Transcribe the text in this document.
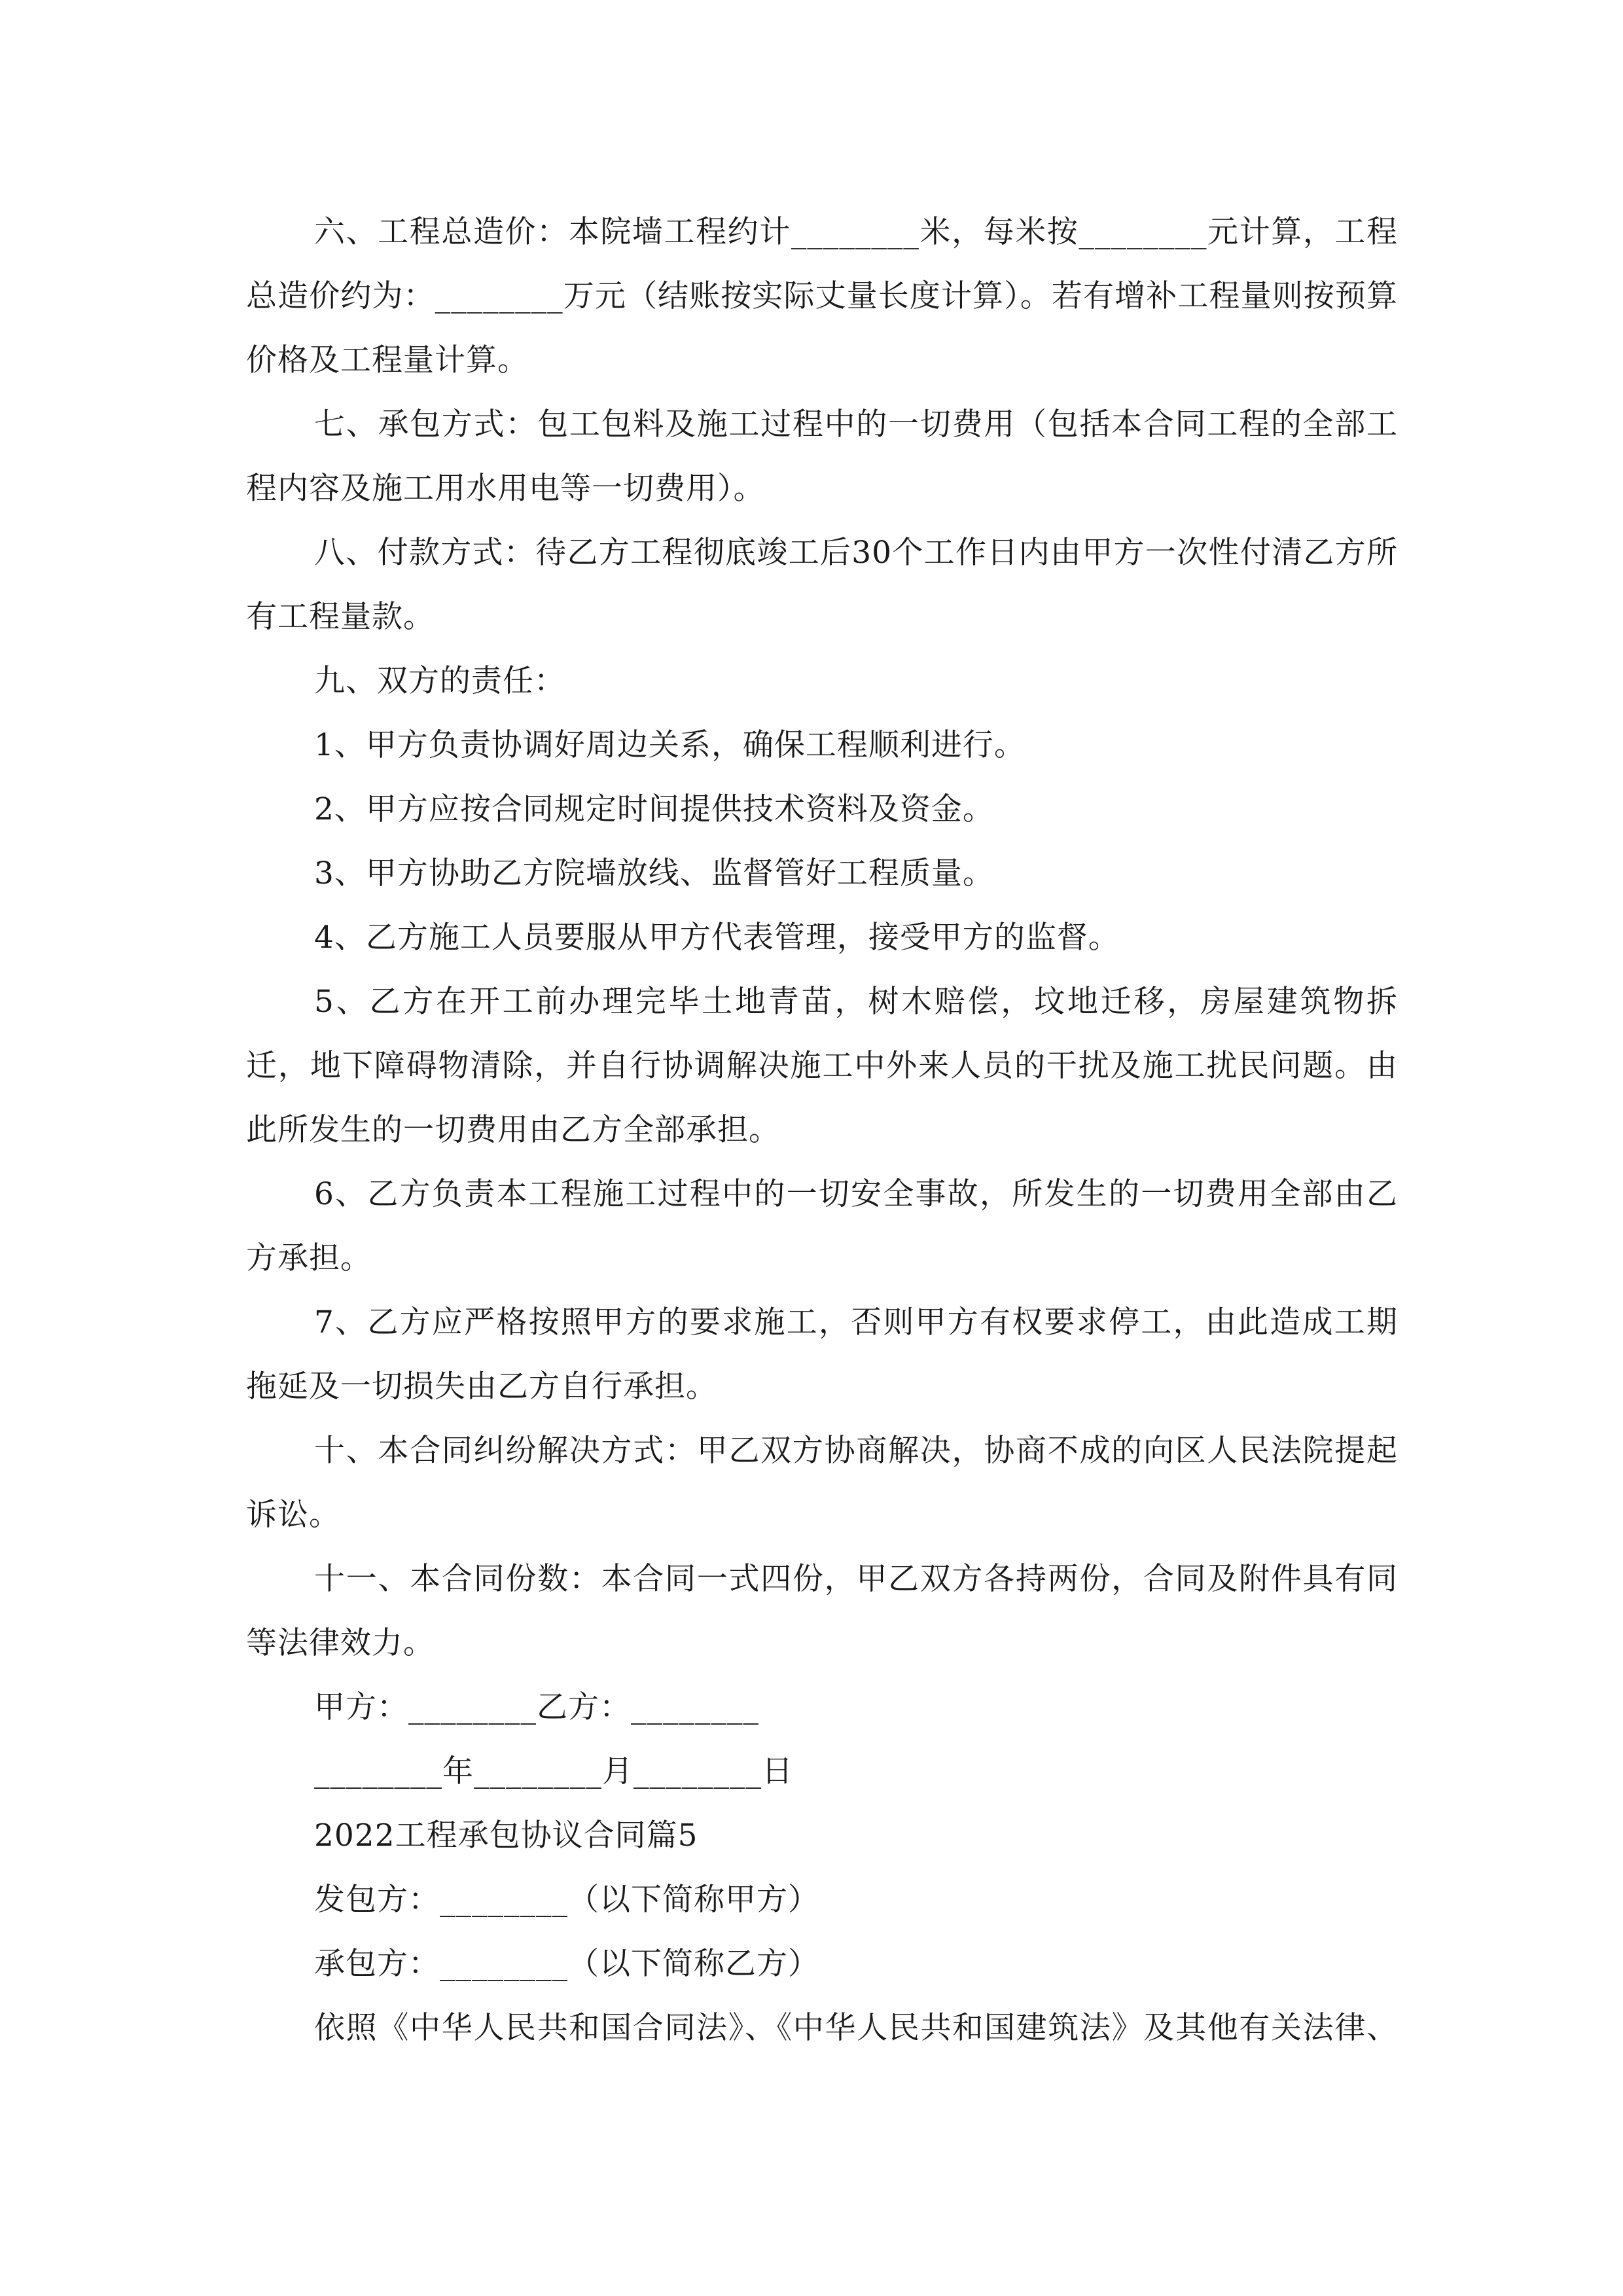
六、工程总造价：本院墙工程约计________米，每米按________元计算，工程总造价约为：________万元（结账按实际丈量长度计算）。若有增补工程量则按预算价格及工程量计算。

七、承包方式：包工包料及施工过程中的一切费用（包括本合同工程的全部工程内容及施工用水用电等一切费用）。

八、付款方式：待乙方工程彻底竣工后30个工作日内由甲方一次性付清乙方所有工程量款。

九、双方的责任：

1、甲方负责协调好周边关系，确保工程顺利进行。

2、甲方应按合同规定时间提供技术资料及资金。

3、甲方协助乙方院墙放线、监督管好工程质量。

4、乙方施工人员要服从甲方代表管理，接受甲方的监督。

5、乙方在开工前办理完毕土地青苗，树木赔偿，坟地迁移，房屋建筑物拆迁，地下障碍物清除，并自行协调解决施工中外来人员的干扰及施工扰民问题。由此所发生的一切费用由乙方全部承担。

6、乙方负责本工程施工过程中的一切安全事故，所发生的一切费用全部由乙方承担。

7、乙方应严格按照甲方的要求施工，否则甲方有权要求停工，由此造成工期拖延及一切损失由乙方自行承担。

十、本合同纠纷解决方式：甲乙双方协商解决，协商不成的向区人民法院提起诉讼。

十一、本合同份数：本合同一式四份，甲乙双方各持两份，合同及附件具有同等法律效力。

甲方：________乙方：________
________年________月________日
2022工程承包协议合同篇5
发包方：________（以下简称甲方）
承包方：________（以下简称乙方）
依照《中华人民共和国合同法》、《中华人民共和国建筑法》及其他有关法律、
